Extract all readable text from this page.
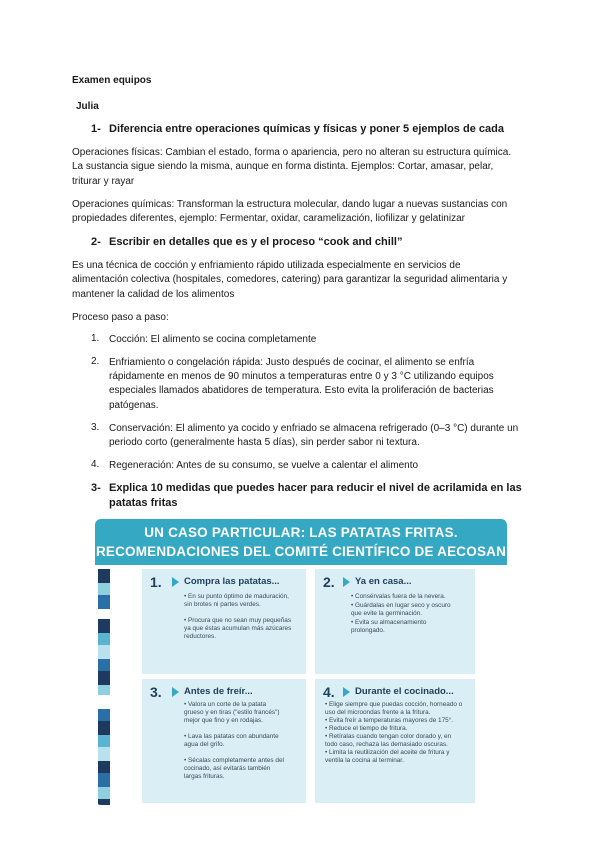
Examen equipos
Julia
1- Diferencia entre operaciones químicas y físicas y poner 5 ejemplos de cada
Operaciones físicas: Cambian el estado, forma o apariencia, pero no alteran su estructura química.
La sustancia sigue siendo la misma, aunque en forma distinta. Ejemplos: Cortar, amasar, pelar,
triturar y rayar
Operaciones químicas: Transforman la estructura molecular, dando lugar a nuevas sustancias con
propiedades diferentes, ejemplo: Fermentar, oxidar, caramelización, liofilizar y gelatinizar
2- Escribir en detalles que es y el proceso “cook and chill”
Es una técnica de cocción y enfriamiento rápido utilizada especialmente en servicios de
alimentación colectiva (hospitales, comedores, catering) para garantizar la seguridad alimentaria y
mantener la calidad de los alimentos
Proceso paso a paso:
1. Cocción: El alimento se cocina completamente
2. Enfriamiento o congelación rápida: Justo después de cocinar, el alimento se enfría
rápidamente en menos de 90 minutos a temperaturas entre 0 y 3 °C utilizando equipos
especiales llamados abatidores de temperatura. Esto evita la proliferación de bacterias
patógenas.
3. Conservación: El alimento ya cocido y enfriado se almacena refrigerado (0–3 °C) durante un
periodo corto (generalmente hasta 5 días), sin perder sabor ni textura.
4. Regeneración: Antes de su consumo, se vuelve a calentar el alimento
3- Explica 10 medidas que puedes hacer para reducir el nivel de acrilamida en las
patatas fritas
UN CASO PARTICULAR: LAS PATATAS FRITAS.
RECOMENDACIONES DEL COMITÉ CIENTÍFICO DE AECOSAN
1. Compra las patatas...
• En su punto óptimo de maduración,
sin brotes ni partes verdes.
• Procura que no sean muy pequeñas
ya que éstas acumulan más azúcares
reductores.
2. Ya en casa...
• Consérvalas fuera de la nevera.
• Guárdalas en lugar seco y oscuro
que evite la germinación.
• Evita su almacenamiento
prolongado.
3. Antes de freír...
• Valora un corte de la patata
grueso y en tiras ("estilo francés")
mejor que fino y en rodajas.
• Lava las patatas con abundante
agua del grifo.
• Sécalas completamente antes del
cocinado, así evitarás también
largas frituras.
4. Durante el cocinado...
• Elige siempre que puedas cocción, horneado o
uso del microondas frente a la fritura.
• Evita freír a temperaturas mayores de 175°.
• Reduce el tiempo de fritura.
• Retíralas cuando tengan color dorado y, en
todo caso, rechaza las demasiado oscuras.
• Limita la reutilización del aceite de fritura y
ventila la cocina al terminar.
